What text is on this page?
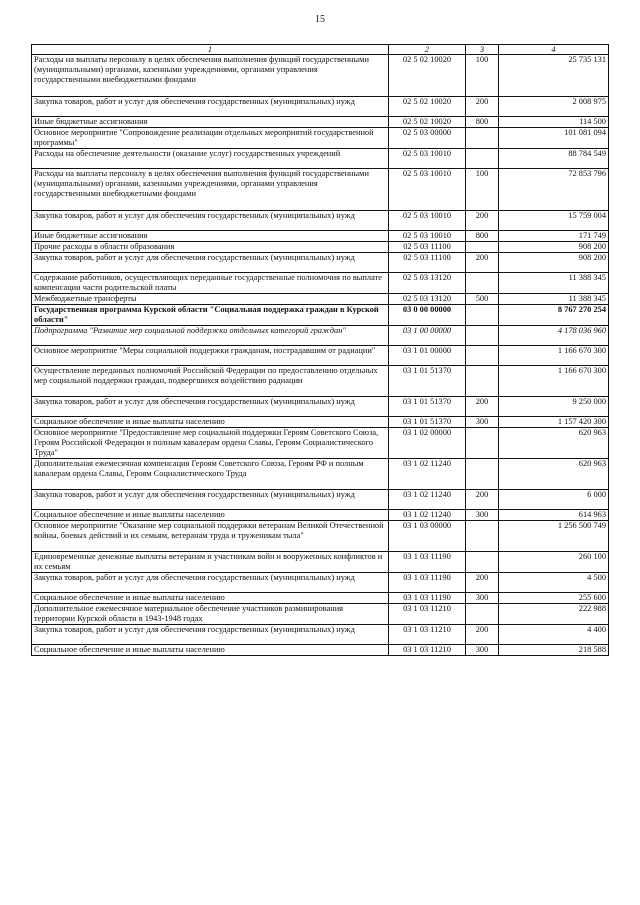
15
1	2	3	4
Расходы на выплаты персоналу в целях обеспечения выполнения функций государственными (муниципальными) органами, казенными учреждениями, органами управления государственными внебюджетными фондами	02 5 02 10020	100	25 735 131
Закупка товаров, работ и услуг для обеспечения государственных (муниципальных) нужд	02 5 02 10020	200	2 008 975
Иные бюджетные ассигнования	02 5 02 10020	800	114 500
Основное мероприятие "Сопровождение реализации отдельных мероприятий государственной программы"	02 5 03 00000		101 081 094
Расходы на обеспечение деятельности (оказание услуг) государственных учреждений	02 5 03 10010		88 784 549
Расходы на выплаты персоналу в целях обеспечения выполнения функций государственными (муниципальными) органами, казенными учреждениями, органами управления государственными внебюджетными фондами	02 5 03 10010	100	72 853 796
Закупка товаров, работ и услуг для обеспечения государственных (муниципальных) нужд	02 5 03 10010	200	15 759 004
Иные бюджетные ассигнования	02 5 03 10010	800	171 749
Прочие расходы в области образования	02 5 03 11100		908 200
Закупка товаров, работ и услуг для обеспечения государственных (муниципальных) нужд	02 5 03 11100	200	908 200
Содержание работников, осуществляющих переданные государственные полномочия по выплате компенсации части родительской платы	02 5 03 13120		11 388 345
Межбюджетные трансферты	02 5 03 13120	500	11 388 345
Государственная программа Курской области "Социальная поддержка граждан в Курской области"	03 0 00 00000		8 767 270 254
Подпрограмма "Развитие мер социальной поддержки отдельных категорий граждан"	03 1 00 00000		4 178 036 960
Основное мероприятие "Меры социальной поддержки гражданам, пострадавшим от радиации"	03 1 01 00000		1 166 670 300
Осуществление переданных полномочий Российской Федерации по предоставлению отдельных мер социальной поддержки граждан, подвергшихся воздействию радиации	03 1 01 51370		1 166 670 300
Закупка товаров, работ и услуг для обеспечения государственных (муниципальных) нужд	03 1 01 51370	200	9 250 000
Социальное обеспечение и иные выплаты населению	03 1 01 51370	300	1 157 420 300
Основное мероприятие "Предоставление мер социальной поддержки Героям Советского Союза, Героям Российской Федерации и полным кавалерам ордена Славы, Героям Социалистического Труда"	03 1 02 00000		620 963
Дополнительная ежемесячная компенсация Героям Советского Союза, Героям РФ и полным кавалерам ордена Славы, Героям Социалистического Труда	03 1 02 11240		620 963
Закупка товаров, работ и услуг для обеспечения государственных (муниципальных) нужд	03 1 02 11240	200	6 000
Социальное обеспечение и иные выплаты населению	03 1 02 11240	300	614 963
Основное мероприятие "Оказание мер социальной поддержки ветеранам Великой Отечественной войны, боевых действий и их семьям, ветеранам труда и труженикам тыла"	03 1 03 00000		1 256 500 749
Единовременные денежные выплаты ветеранам и участникам войн и вооруженных конфликтов и их семьям	03 1 03 11190		260 100
Закупка товаров, работ и услуг для обеспечения государственных (муниципальных) нужд	03 1 03 11190	200	4 500
Социальное обеспечение и иные выплаты населению	03 1 03 11190	300	255 600
Дополнительное ежемесячное материальное обеспечение участников разминирования территории Курской области в 1943-1948 годах	03 1 03 11210		222 988
Закупка товаров, работ и услуг для обеспечения государственных (муниципальных) нужд	03 1 03 11210	200	4 400
Социальное обеспечение и иные выплаты населению	03 1 03 11210	300	218 588
